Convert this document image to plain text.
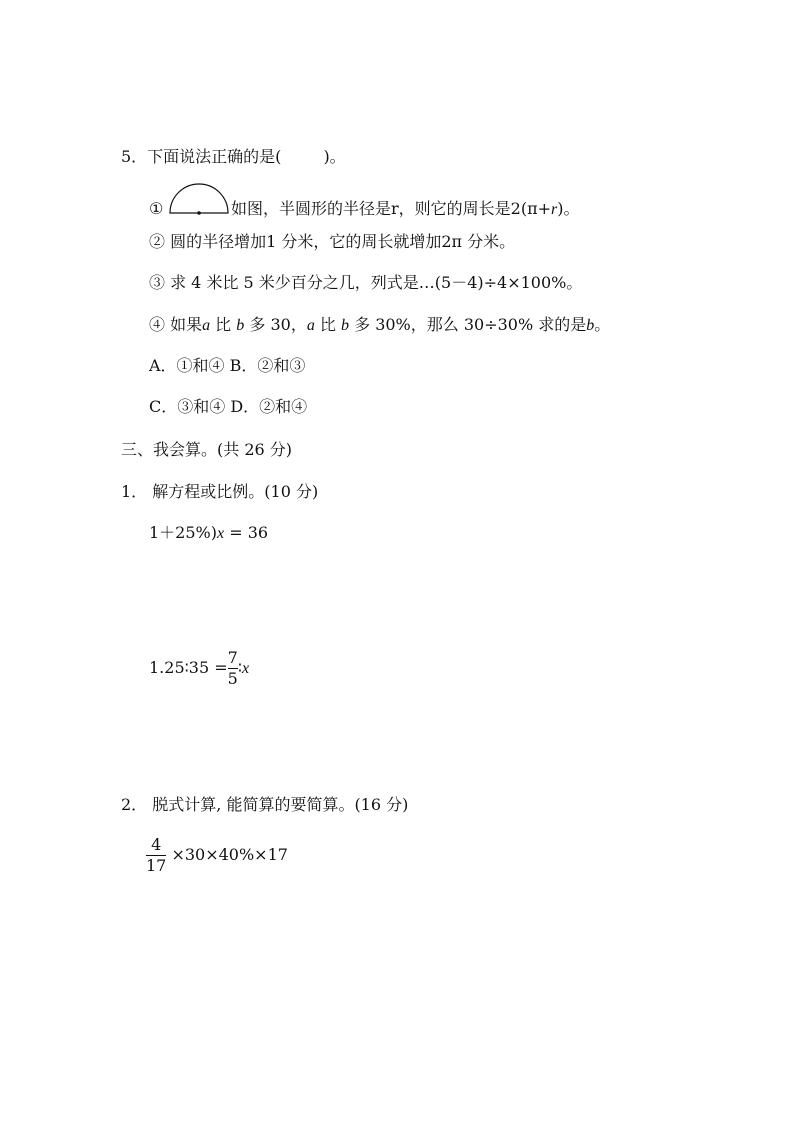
5．下面说法正确的是(	)。
①	如图，半圆形的半径是r，则它的周长是2(π+r)。
② 圆的半径增加1 分米，它的周长就增加2π 分米。
③ 求 4 米比 5 米少百分之几，列式是…(5－4)÷4×100%。
④ 如果a 比 b 多 30，a 比 b 多 30%，那么 30÷30% 求的是b。
A．①和④ B．②和③
C．③和④ D．②和④
三、我会算。(共 26 分)
1． 解方程或比例。(10 分)
1＋25%)x = 36
1.25∶35 = $\frac{7}{5}$ ∶x
2． 脱式计算, 能简算的要简算。(16 分)
$\frac{4}{17} \times 30\times 40\%\times 17$
